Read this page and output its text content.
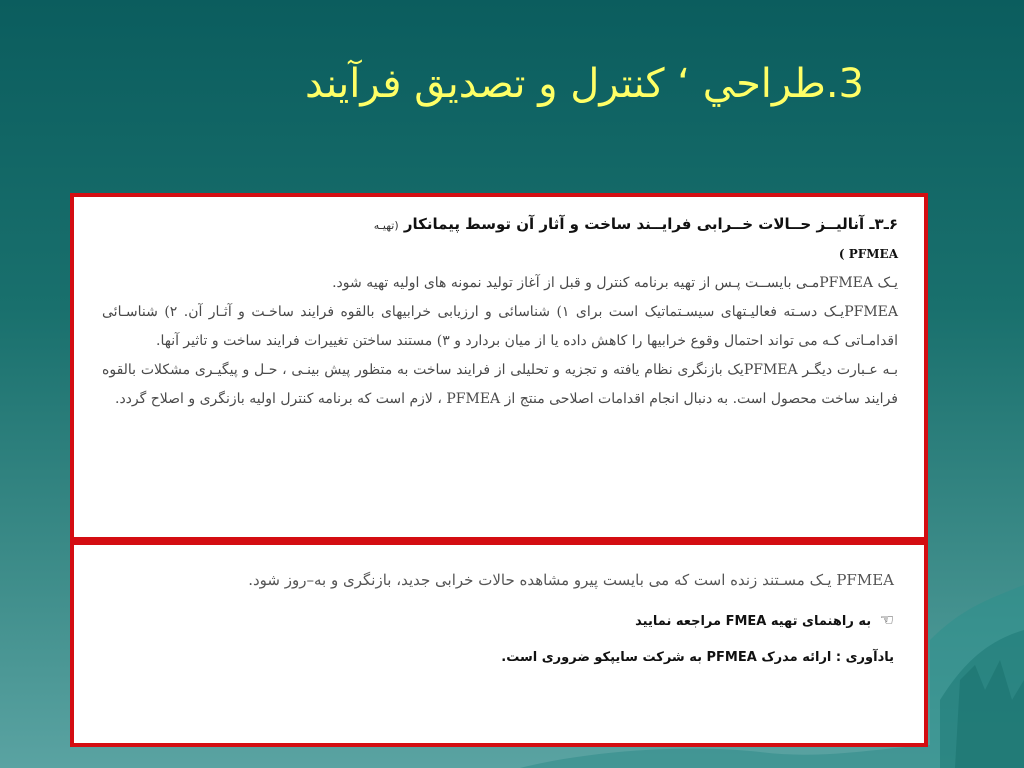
3.طراحي ‘ كنترل و تصديق فرآيند
۶ـ۳ـ آنالیــز حــالات خــرابی فرایــند ساخت و آثار آن توسط پیمانکار (تهیـه
( PFMEA

یـک PFMEA‌مـی بایســت پـس از تهیه برنامه کنترل و قبل از آغاز تولید نمونه های اولیه تهیه شود.

PFMEA‌یـک دسـته فعالیـتهای سیسـتماتیک است برای ۱) شناسائی و ارزیابی خرابیهای بالقوه فرایند ساخـت و آثـار آن. ۲) شناسـائی اقدامـاتی کـه می تواند احتمال وقوع خرابیها را کاهش داده یا از میان بردارد و ۳) مستند ساختن تغییرات فرایند ساخت و تاثیر آنها.

بـه عـبارت دیگـر PFMEA‌یک بازنگری نظام یافته و تجزیه و تحلیلی از فرایند ساخت به متظور پیش بینـی ، حـل و پیگیـری مشکلات بالقوه فرایند ساخت محصول است. به دنبال انجام اقدامات اصلاحی منتج از PFMEA ، لازم است که برنامه کنترل اولیه بازنگری و اصلاح گردد.

PFMEA یـک مسـتند زنده است که می بایست پیرو مشاهده حالات خرابی جدید، بازنگری و به–روز شود.
☜ به راهنمای تهیه FMEA مراجعه نمایید
یادآوری : ارائه مدرک PFMEA به شرکت سایپکو ضروری است.
